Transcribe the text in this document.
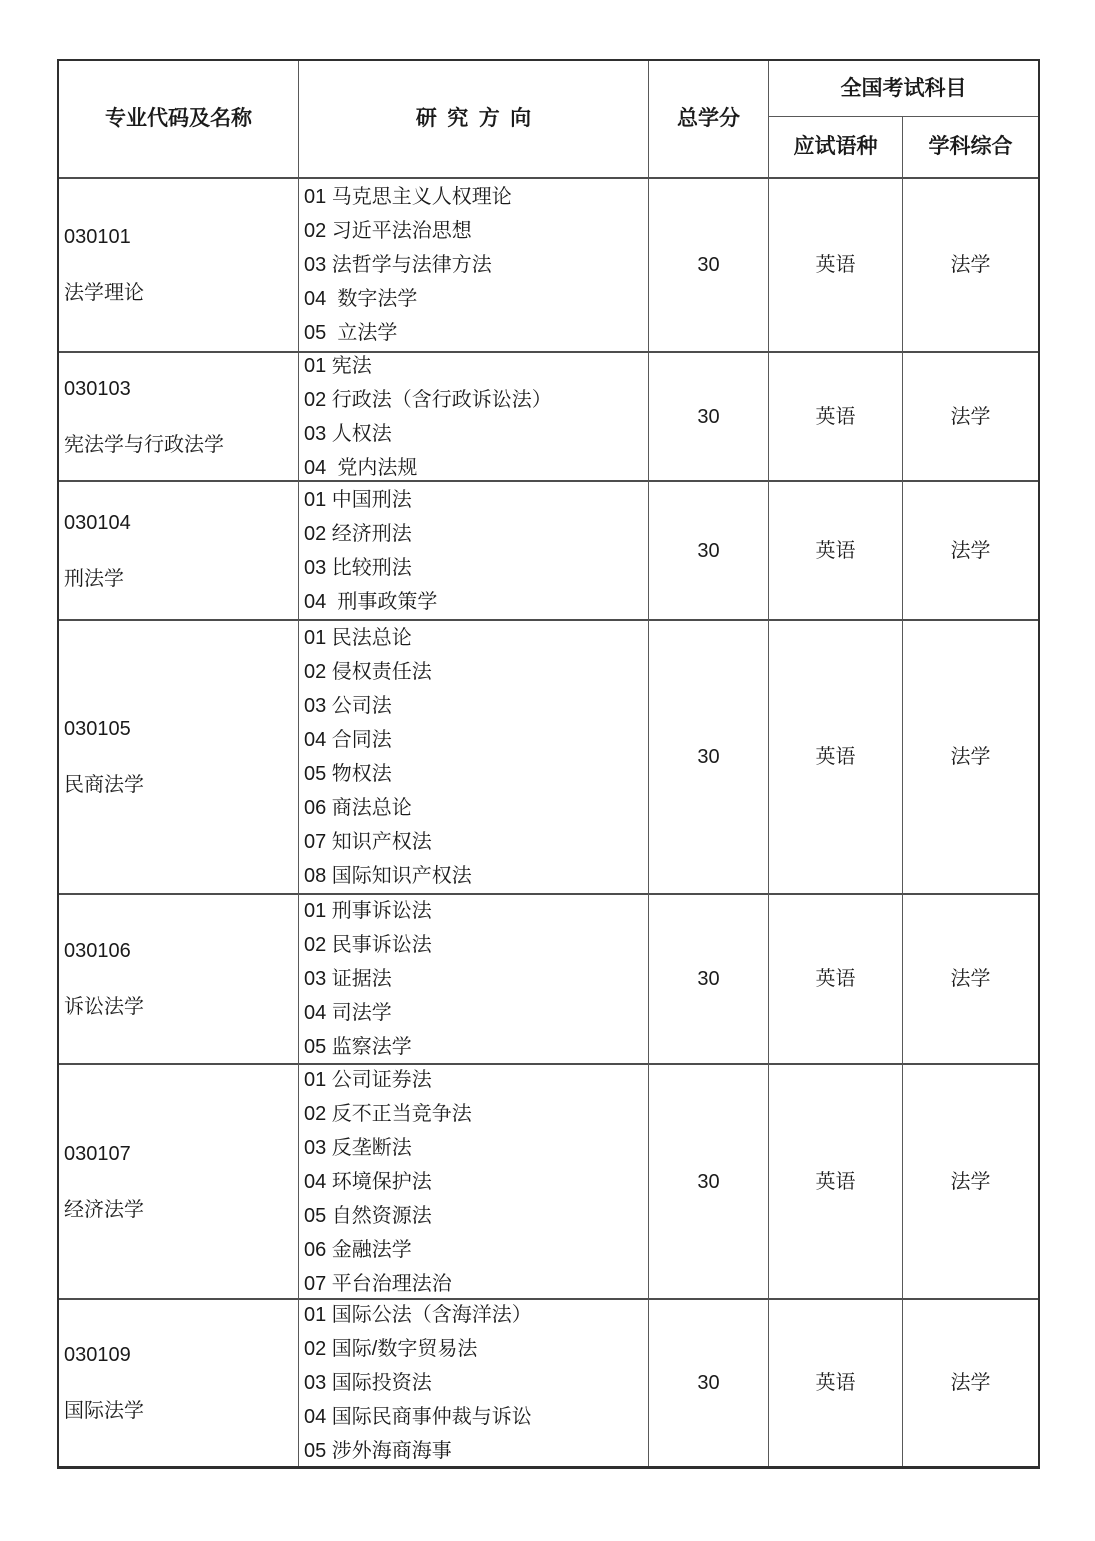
专业代码及名称	研 究 方 向	总学分
全国考试科目
应试语种	学科综合
030101
法学理论
01 马克思主义人权理论
02 习近平法治思想
03 法哲学与法律方法
04  数字法学
05  立法学
30	英语	法学
030103
宪法学与行政法学
01 宪法
02 行政法（含行政诉讼法）
03 人权法
04  党内法规
30	英语	法学
030104
刑法学
01 中国刑法
02 经济刑法
03 比较刑法
04  刑事政策学
30	英语	法学
030105
民商法学
01 民法总论
02 侵权责任法
03 公司法
04 合同法
05 物权法
06 商法总论
07 知识产权法
08 国际知识产权法
30	英语	法学
030106
诉讼法学
01 刑事诉讼法
02 民事诉讼法
03 证据法
04 司法学
05 监察法学
30	英语	法学
030107
经济法学
01 公司证券法
02 反不正当竞争法
03 反垄断法
04 环境保护法
05 自然资源法
06 金融法学
07 平台治理法治
30	英语	法学
030109
国际法学
01 国际公法（含海洋法）
02 国际/数字贸易法
03 国际投资法
04 国际民商事仲裁与诉讼
05 涉外海商海事
30	英语	法学
